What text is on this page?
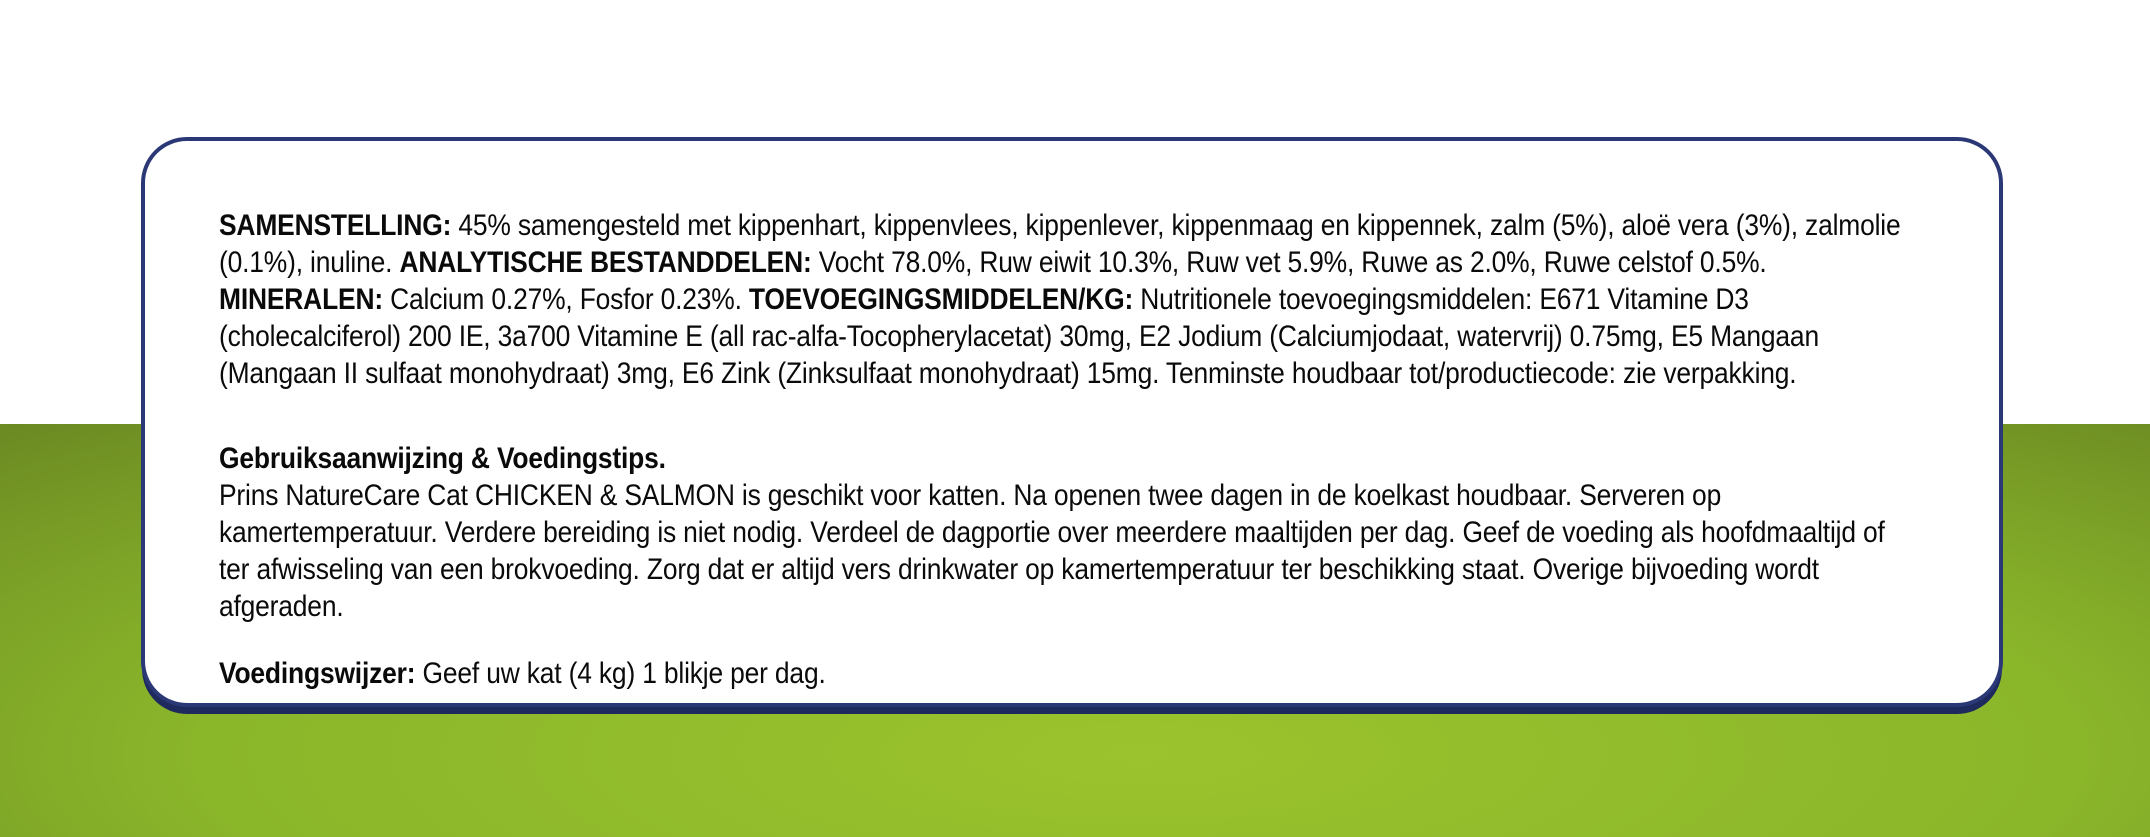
SAMENSTELLING: 45% samengesteld met kippenhart, kippenvlees, kippenlever, kippenmaag en kippennek, zalm (5%), aloë vera (3%), zalmolie (0.1%), inuline. ANALYTISCHE BESTANDDELEN: Vocht 78.0%, Ruw eiwit 10.3%, Ruw vet 5.9%, Ruwe as 2.0%, Ruwe celstof 0.5%. MINERALEN: Calcium 0.27%, Fosfor 0.23%. TOEVOEGINGSMIDDELEN/KG: Nutritionele toevoegingsmiddelen: E671 Vitamine D3 (cholecalciferol) 200 IE, 3a700 Vitamine E (all rac-alfa-Tocopherylacetat) 30mg, E2 Jodium (Calciumjodaat, watervrij) 0.75mg, E5 Mangaan (Mangaan II sulfaat monohydraat) 3mg, E6 Zink (Zinksulfaat monohydraat) 15mg. Tenminste houdbaar tot/productiecode: zie verpakking.

Gebruiksaanwijzing & Voedingstips.

Prins NatureCare Cat CHICKEN & SALMON is geschikt voor katten. Na openen twee dagen in de koelkast houdbaar. Serveren op kamertemperatuur. Verdere bereiding is niet nodig. Verdeel de dagportie over meerdere maaltijden per dag. Geef de voeding als hoofdmaaltijd of ter afwisseling van een brokvoeding. Zorg dat er altijd vers drinkwater op kamertemperatuur ter beschikking staat. Overige bijvoeding wordt afgeraden.

Voedingswijzer: Geef uw kat (4 kg) 1 blikje per dag.
